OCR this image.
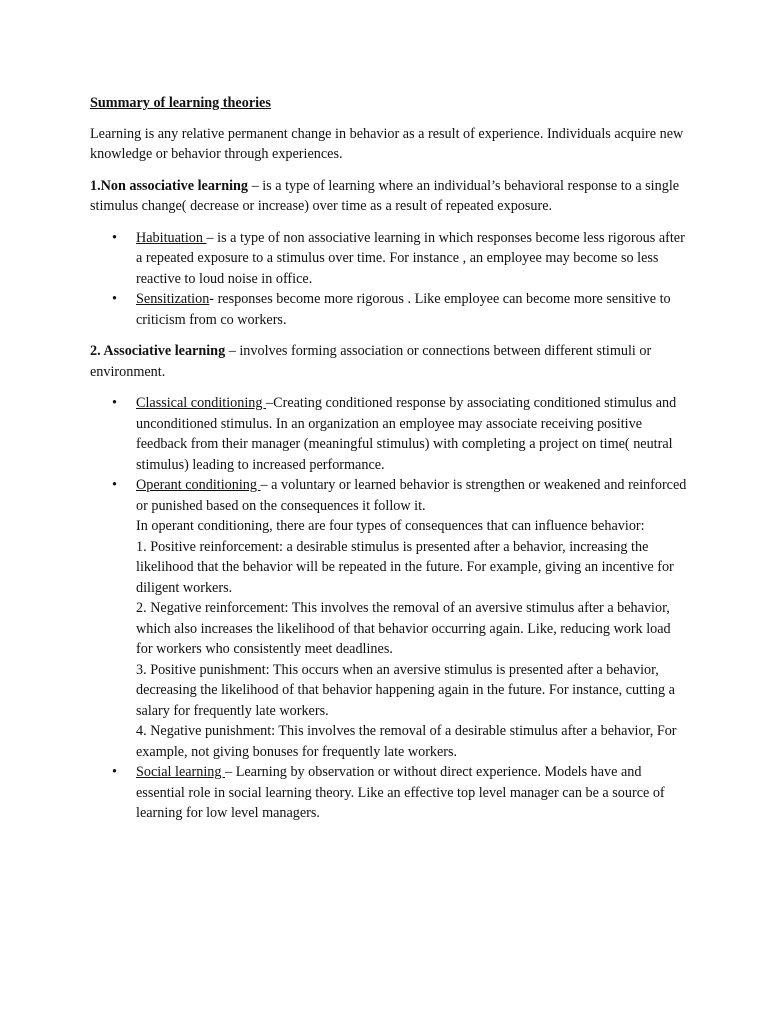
Summary of learning theories

Learning is any relative permanent change in behavior as a result of experience. Individuals acquire new knowledge or behavior through experiences.

1.Non associative learning – is a type of learning where an individual’s behavioral response to a single stimulus change( decrease or increase) over time as a result of repeated exposure.

• Habituation – is a type of non associative learning in which responses become less rigorous after a repeated exposure to a stimulus over time. For instance , an employee may become so less reactive to loud noise in office.
• Sensitization- responses become more rigorous . Like employee can become more sensitive to criticism from co workers.

2. Associative learning – involves forming association or connections between different stimuli or environment.

• Classical conditioning –Creating conditioned response by associating conditioned stimulus and unconditioned stimulus. In an organization an employee may associate receiving positive feedback from their manager (meaningful stimulus) with completing a project on time( neutral stimulus) leading to increased performance.
• Operant conditioning – a voluntary or learned behavior is strengthen or weakened and reinforced or punished based on the consequences it follow it.
In operant conditioning, there are four types of consequences that can influence behavior:
1. Positive reinforcement: a desirable stimulus is presented after a behavior, increasing the likelihood that the behavior will be repeated in the future. For example, giving an incentive for diligent workers.
2. Negative reinforcement: This involves the removal of an aversive stimulus after a behavior, which also increases the likelihood of that behavior occurring again. Like, reducing work load for workers who consistently meet deadlines.
3. Positive punishment: This occurs when an aversive stimulus is presented after a behavior, decreasing the likelihood of that behavior happening again in the future. For instance, cutting a salary for frequently late workers.
4. Negative punishment: This involves the removal of a desirable stimulus after a behavior, For example, not giving bonuses for frequently late workers.
• Social learning – Learning by observation or without direct experience. Models have and essential role in social learning theory. Like an effective top level manager can be a source of learning for low level managers.
